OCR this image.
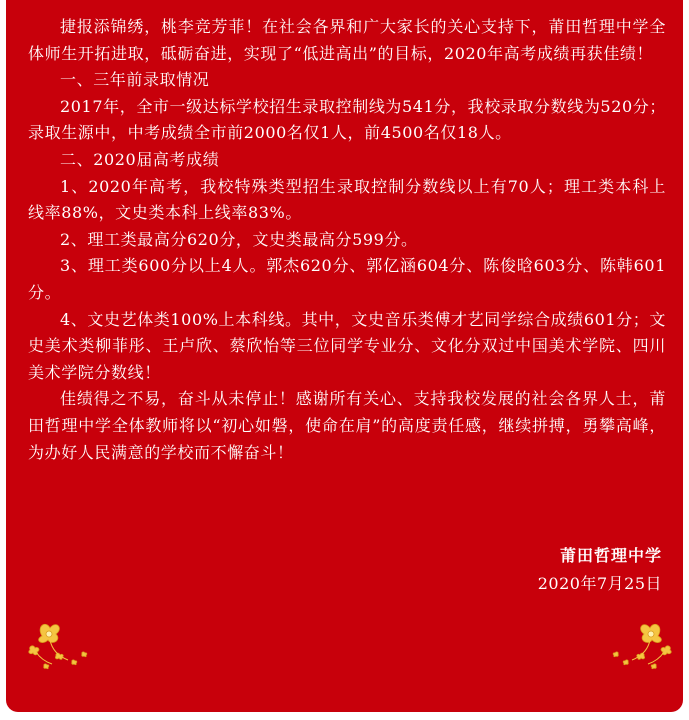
捷报添锦绣，桃李竞芳菲！在社会各界和广大家长的关心支持下，莆田哲理中学全体师生开拓进取，砥砺奋进，实现了“低进高出”的目标，2020年高考成绩再获佳绩！

一、三年前录取情况

2017年，全市一级达标学校招生录取控制线为541分，我校录取分数线为520分；录取生源中，中考成绩全市前2000名仅1人，前4500名仅18人。

二、2020届高考成绩

1、2020年高考，我校特殊类型招生录取控制分数线以上有70人；理工类本科上线率88%，文史类本科上线率83%。

2、理工类最高分620分，文史类最高分599分。

3、理工类600分以上4人。郭杰620分、郭亿涵604分、陈俊晗603分、陈韩601分。

4、文史艺体类100%上本科线。其中，文史音乐类傅才艺同学综合成绩601分；文史美术类柳菲彤、王卢欣、蔡欣怡等三位同学专业分、文化分双过中国美术学院、四川美术学院分数线！

佳绩得之不易，奋斗从未停止！感谢所有关心、支持我校发展的社会各界人士，莆田哲理中学全体教师将以“初心如磐，使命在肩”的高度责任感，继续拼搏，勇攀高峰，为办好人民满意的学校而不懈奋斗！

莆田哲理中学
2020年7月25日
